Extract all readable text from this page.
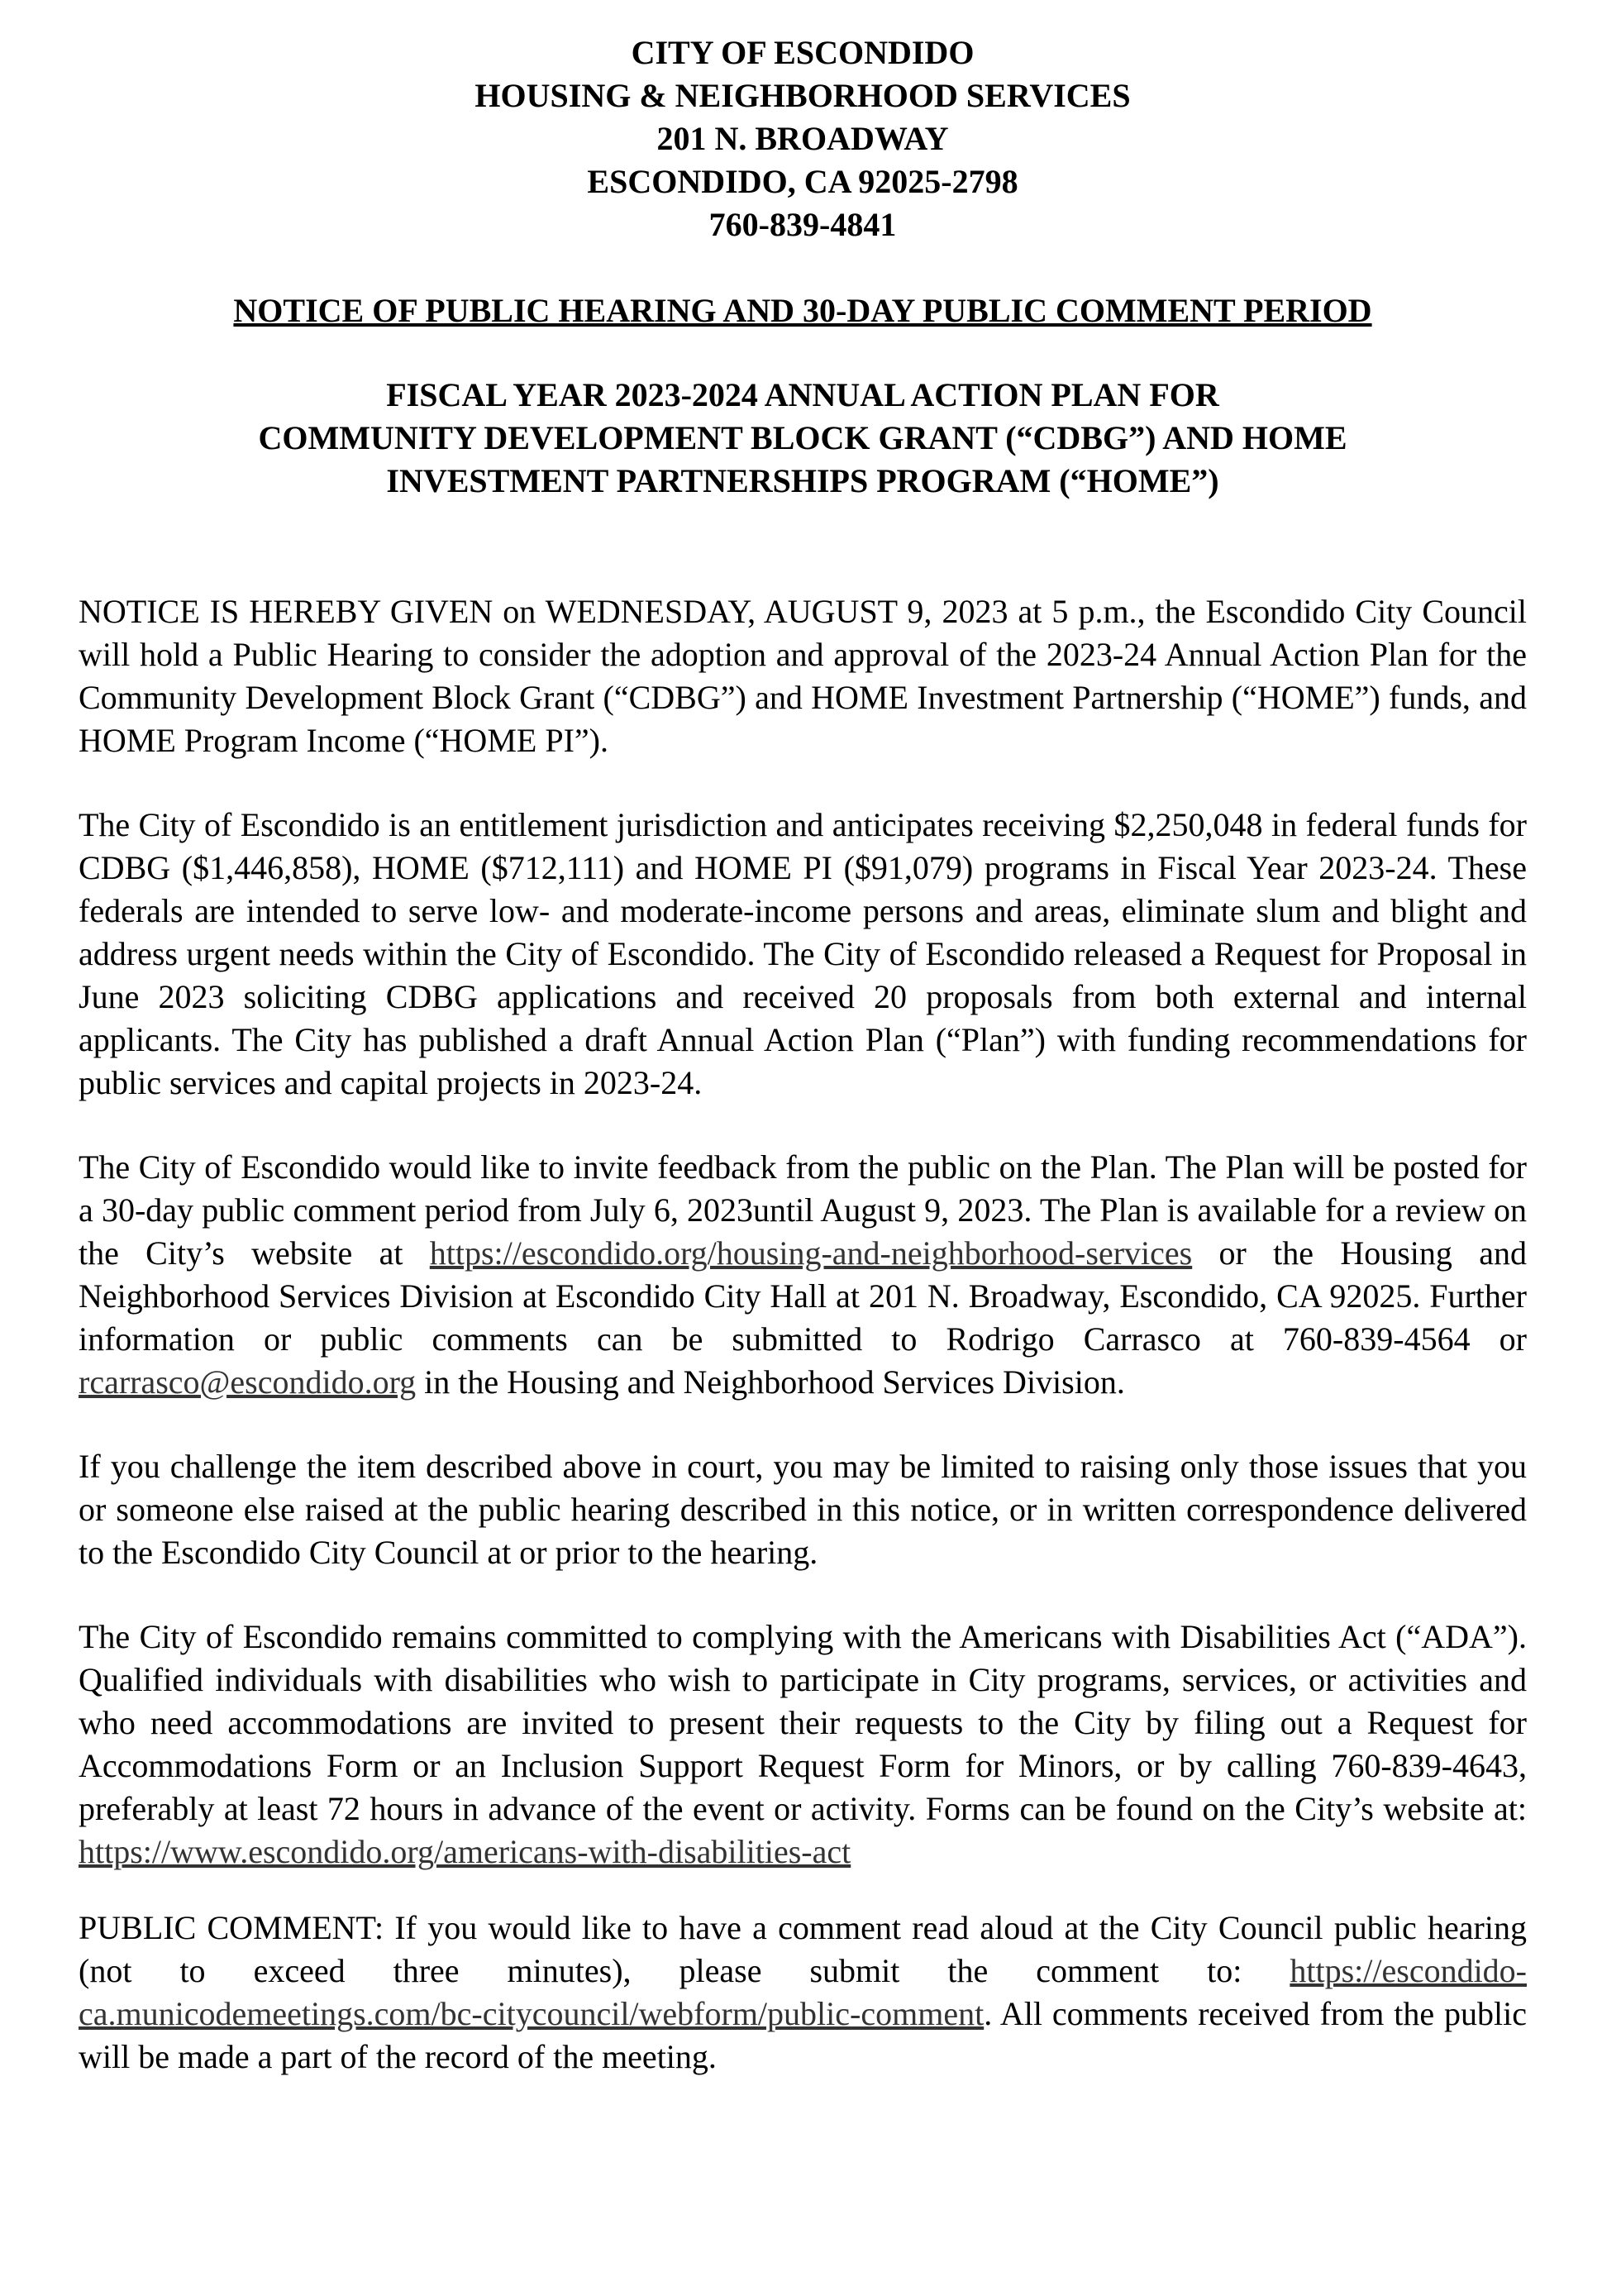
CITY OF ESCONDIDO
HOUSING & NEIGHBORHOOD SERVICES
201 N. BROADWAY
ESCONDIDO, CA 92025-2798
760-839-4841
NOTICE OF PUBLIC HEARING AND 30-DAY PUBLIC COMMENT PERIOD
FISCAL YEAR 2023-2024 ANNUAL ACTION PLAN FOR
COMMUNITY DEVELOPMENT BLOCK GRANT (“CDBG”) AND HOME
INVESTMENT PARTNERSHIPS PROGRAM (“HOME”)

NOTICE IS HEREBY GIVEN on WEDNESDAY, AUGUST 9, 2023 at 5 p.m., the Escondido City Council will hold a Public Hearing to consider the adoption and approval of the 2023-24 Annual Action Plan for the Community Development Block Grant (“CDBG”) and HOME Investment Partnership (“HOME”) funds, and HOME Program Income (“HOME PI”).

The City of Escondido is an entitlement jurisdiction and anticipates receiving $2,250,048 in federal funds for CDBG ($1,446,858), HOME ($712,111) and HOME PI ($91,079) programs in Fiscal Year 2023-24. These federals are intended to serve low- and moderate-income persons and areas, eliminate slum and blight and address urgent needs within the City of Escondido. The City of Escondido released a Request for Proposal in June 2023 soliciting CDBG applications and received 20 proposals from both external and internal applicants. The City has published a draft Annual Action Plan (“Plan”) with funding recommendations for public services and capital projects in 2023-24.

The City of Escondido would like to invite feedback from the public on the Plan. The Plan will be posted for a 30-day public comment period from July 6, 2023until August 9, 2023. The Plan is available for a review on the City’s website at https://escondido.org/housing-and-neighborhood-services or the Housing and Neighborhood Services Division at Escondido City Hall at 201 N. Broadway, Escondido, CA 92025. Further information or public comments can be submitted to Rodrigo Carrasco at 760-839-4564 or rcarrasco@escondido.org in the Housing and Neighborhood Services Division.

If you challenge the item described above in court, you may be limited to raising only those issues that you or someone else raised at the public hearing described in this notice, or in written correspondence delivered to the Escondido City Council at or prior to the hearing.

The City of Escondido remains committed to complying with the Americans with Disabilities Act (“ADA”). Qualified individuals with disabilities who wish to participate in City programs, services, or activities and who need accommodations are invited to present their requests to the City by filing out a Request for Accommodations Form or an Inclusion Support Request Form for Minors, or by calling 760-839-4643, preferably at least 72 hours in advance of the event or activity. Forms can be found on the City’s website at: https://www.escondido.org/americans-with-disabilities-act

PUBLIC COMMENT: If you would like to have a comment read aloud at the City Council public hearing (not to exceed three minutes), please submit the comment to: https://escondido-ca.municodemeetings.com/bc-citycouncil/webform/public-comment. All comments received from the public will be made a part of the record of the meeting.
